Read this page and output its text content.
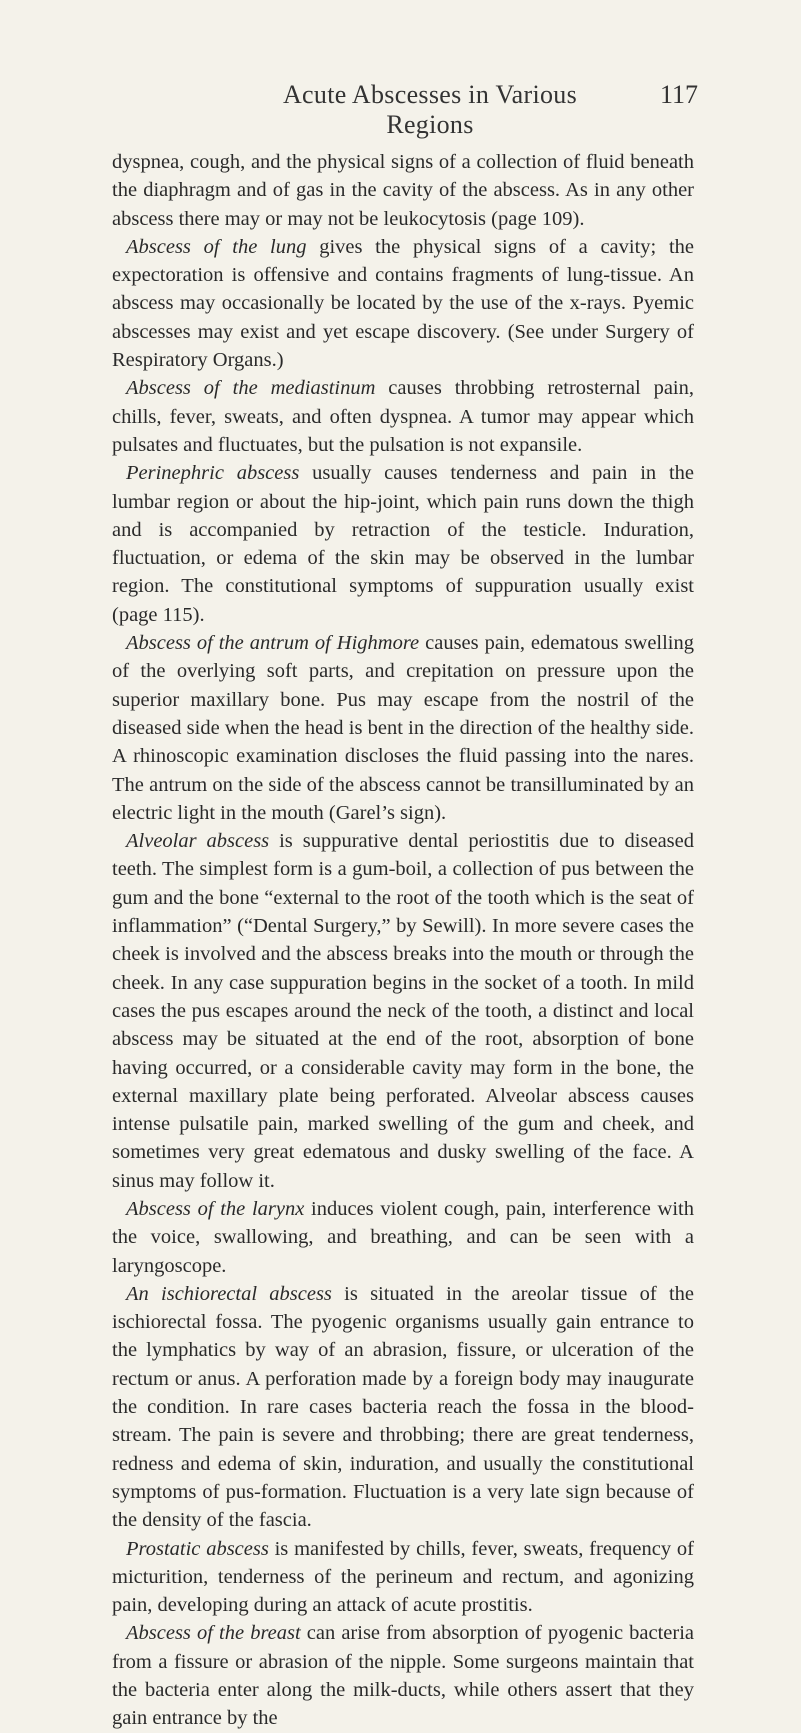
Acute Abscesses in Various Regions
117

dyspnea, cough, and the physical signs of a collection of fluid beneath the diaphragm and of gas in the cavity of the abscess. As in any other abscess there may or may not be leukocytosis (page 109).

Abscess of the lung gives the physical signs of a cavity; the expectoration is offensive and contains fragments of lung-tissue. An abscess may occasionally be located by the use of the x-rays. Pyemic abscesses may exist and yet escape discovery. (See under Surgery of Respiratory Organs.)

Abscess of the mediastinum causes throbbing retrosternal pain, chills, fever, sweats, and often dyspnea. A tumor may appear which pulsates and fluctuates, but the pulsation is not expansile.

Perinephric abscess usually causes tenderness and pain in the lumbar region or about the hip-joint, which pain runs down the thigh and is accompanied by retraction of the testicle. Induration, fluctuation, or edema of the skin may be observed in the lumbar region. The constitutional symptoms of suppuration usually exist (page 115).

Abscess of the antrum of Highmore causes pain, edematous swelling of the overlying soft parts, and crepitation on pressure upon the superior maxillary bone. Pus may escape from the nostril of the diseased side when the head is bent in the direction of the healthy side. A rhinoscopic examination discloses the fluid passing into the nares. The antrum on the side of the abscess cannot be transilluminated by an electric light in the mouth (Garel’s sign).

Alveolar abscess is suppurative dental periostitis due to diseased teeth. The simplest form is a gum-boil, a collection of pus between the gum and the bone “external to the root of the tooth which is the seat of inflammation” (“Dental Surgery,” by Sewill). In more severe cases the cheek is involved and the abscess breaks into the mouth or through the cheek. In any case suppuration begins in the socket of a tooth. In mild cases the pus escapes around the neck of the tooth, a distinct and local abscess may be situated at the end of the root, absorption of bone having occurred, or a considerable cavity may form in the bone, the external maxillary plate being perforated. Alveolar abscess causes intense pulsatile pain, marked swelling of the gum and cheek, and sometimes very great edematous and dusky swelling of the face. A sinus may follow it.

Abscess of the larynx induces violent cough, pain, interference with the voice, swallowing, and breathing, and can be seen with a laryngoscope.

An ischiorectal abscess is situated in the areolar tissue of the ischiorectal fossa. The pyogenic organisms usually gain entrance to the lymphatics by way of an abrasion, fissure, or ulceration of the rectum or anus. A perforation made by a foreign body may inaugurate the condition. In rare cases bacteria reach the fossa in the blood-stream. The pain is severe and throbbing; there are great tenderness, redness and edema of skin, induration, and usually the constitutional symptoms of pus-formation. Fluctuation is a very late sign because of the density of the fascia.

Prostatic abscess is manifested by chills, fever, sweats, frequency of micturition, tenderness of the perineum and rectum, and agonizing pain, developing during an attack of acute prostitis.

Abscess of the breast can arise from absorption of pyogenic bacteria from a fissure or abrasion of the nipple. Some surgeons maintain that the bacteria enter along the milk-ducts, while others assert that they gain entrance by the
